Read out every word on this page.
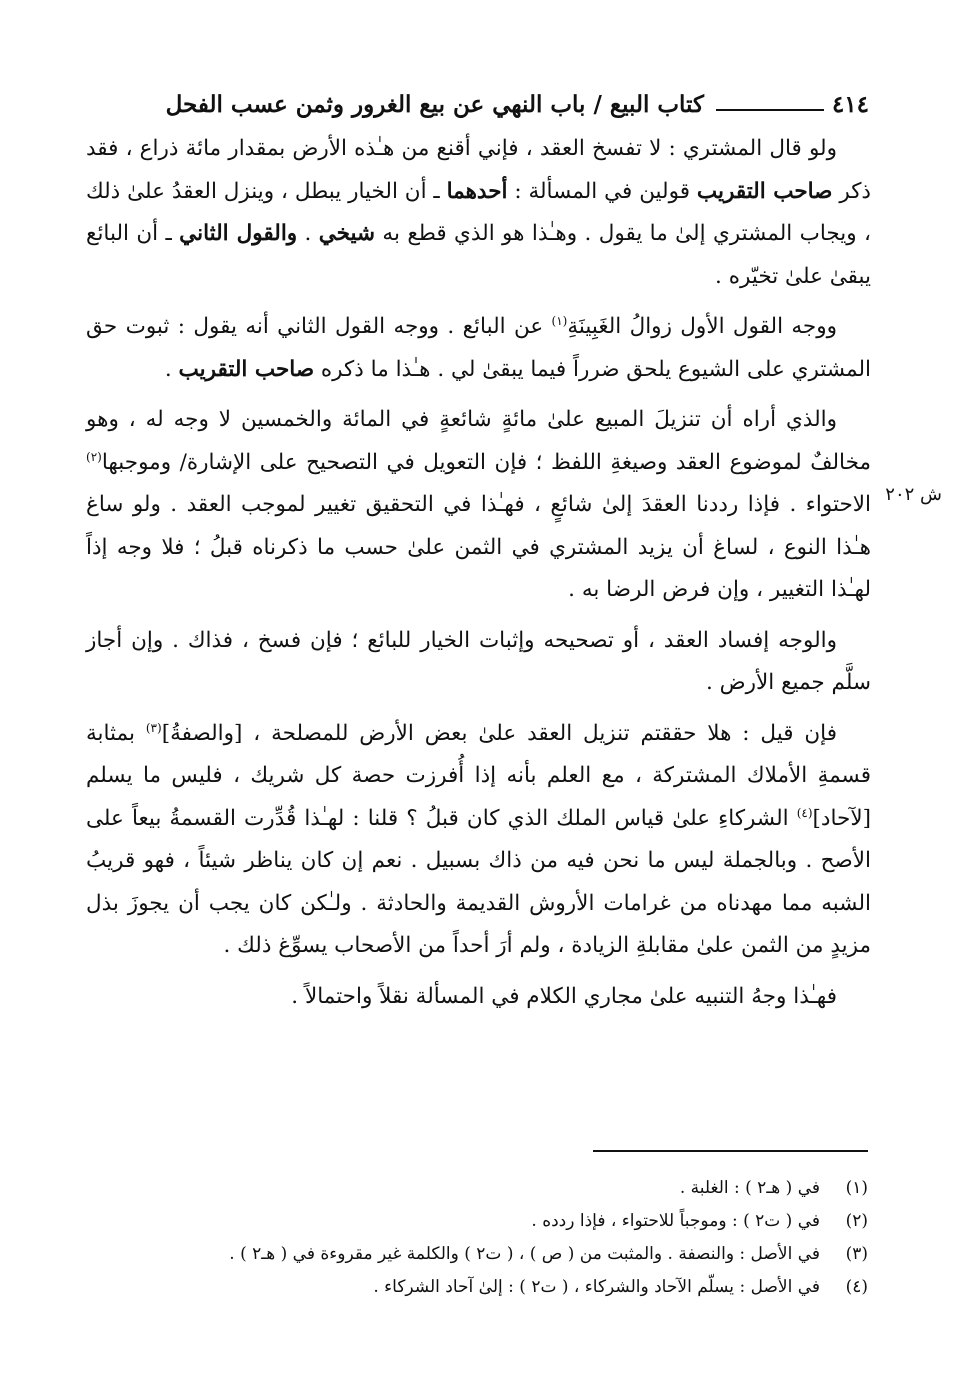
٤١٤
كتاب البيع / باب النهي عن بيع الغرور وثمن عسب الفحل
ش ٢٠٢

ولو قال المشتري : لا تفسخ العقد ، فإني أقنع من هـٰذه الأرض بمقدار مائة ذراع ، فقد ذكر صاحب التقريب قولين في المسألة : أحدهما ـ أن الخيار يبطل ، وينزل العقدُ علىٰ ذلك ، ويجاب المشتري إلىٰ ما يقول . وهـٰذا هو الذي قطع به شيخي . والقول الثاني ـ أن البائع يبقىٰ علىٰ تخيّره .

ووجه القول الأول زوالُ الغَبِينَةِ$^{(١)}$ عن البائع . ووجه القول الثاني أنه يقول : ثبوت حق المشتري على الشيوع يلحق ضرراً فيما يبقىٰ لي . هـٰذا ما ذكره صاحب التقريب .

والذي أراه أن تنزيلَ المبيع علىٰ مائةٍ شائعةٍ في المائة والخمسين لا وجه له ، وهو مخالفٌ لموضوع العقد وصيغةِ اللفظ ؛ فإن التعويل في التصحيح على الإشارة/ وموجبها$^{(٢)}$ الاحتواء . فإذا رددنا العقدَ إلىٰ شائعٍ ، فهـٰذا في التحقيق تغيير لموجب العقد . ولو ساغ هـٰذا النوع ، لساغ أن يزيد المشتري في الثمن علىٰ حسب ما ذكرناه قبلُ ؛ فلا وجه إذاً لهـٰذا التغيير ، وإن فرض الرضا به .

والوجه إفساد العقد ، أو تصحيحه وإثبات الخيار للبائع ؛ فإن فسخ ، فذاك . وإن أجاز سلَّم جميع الأرض .

فإن قيل : هلا حققتم تنزيل العقد علىٰ بعض الأرض للمصلحة ، [والصفةُ]$^{(٣)}$ بمثابة قسمةِ الأملاك المشتركة ، مع العلم بأنه إذا أُفرزت حصة كل شريك ، فليس ما يسلم [لآحاد]$^{(٤)}$ الشركاءِ علىٰ قياس الملك الذي كان قبلُ ؟ قلنا : لهـٰذا قُدِّرت القسمةُ بيعاً على الأصح . وبالجملة ليس ما نحن فيه من ذاك بسبيل . نعم إن كان يناظر شيئاً ، فهو قريبُ الشبه مما مهدناه من غرامات الأروش القديمة والحادثة . ولـٰكن كان يجب أن يجوزَ بذل مزيدٍ من الثمن علىٰ مقابلةِ الزيادة ، ولم أرَ أحداً من الأصحاب يسوِّغ ذلك .

فهـٰذا وجهُ التنبيه علىٰ مجاري الكلام في المسألة نقلاً واحتمالاً .

(١)
في ( هـ٢ ) : الغلبة .
(٢)
في ( ت٢ ) : وموجباً للاحتواء ، فإذا ردده .
(٣)
في الأصل : والنصفة . والمثبت من ( ص ) ، ( ت٢ ) والكلمة غير مقروءة في ( هـ٢ ) .
(٤)
في الأصل : يسلّم الآحاد والشركاء ، ( ت٢ ) : إلىٰ آحاد الشركاء .
